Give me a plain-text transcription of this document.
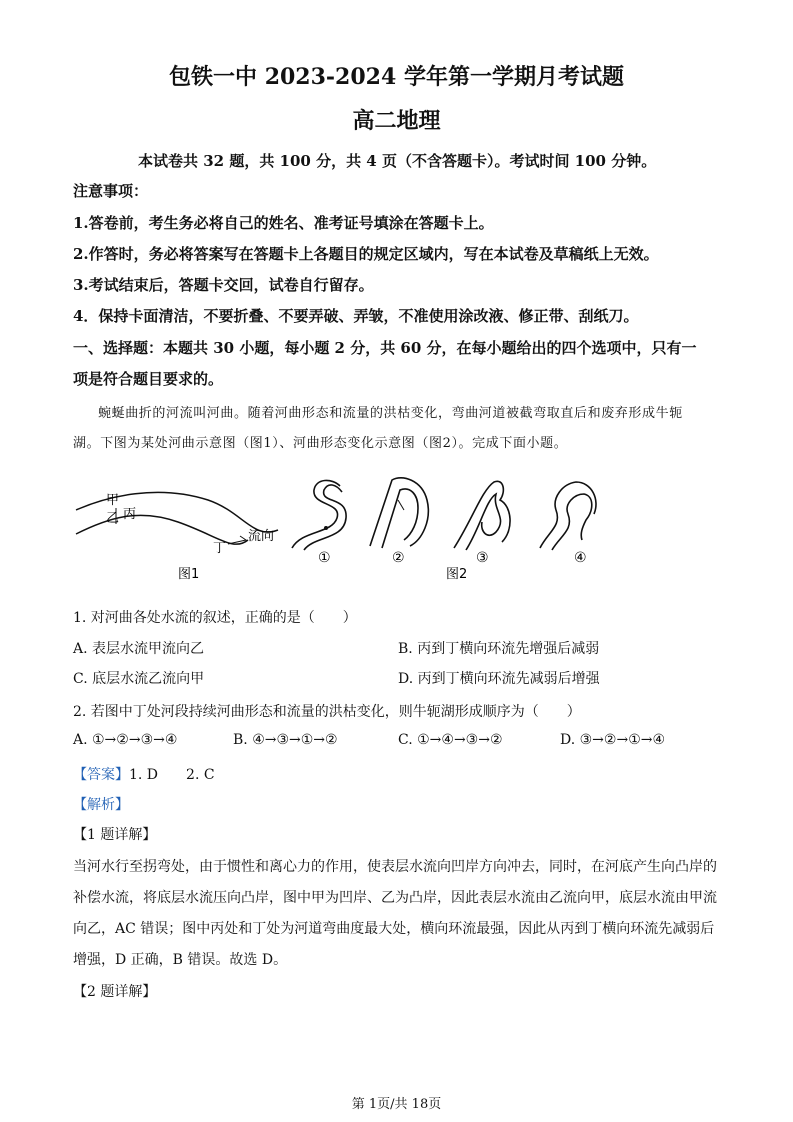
包铁一中 2023-2024 学年第一学期月考试题
高二地理
本试卷共 32 题，共 100 分，共 4 页（不含答题卡）。考试时间 100 分钟。
注意事项：
1.答卷前，考生务必将自己的姓名、准考证号填涂在答题卡上。
2.作答时，务必将答案写在答题卡上各题目的规定区域内，写在本试卷及草稿纸上无效。
3.考试结束后，答题卡交回，试卷自行留存。
4．保持卡面清洁，不要折叠、不要弄破、弄皱，不准使用涂改液、修正带、刮纸刀。
一、选择题：本题共 30 小题，每小题 2 分，共 60 分，在每小题给出的四个选项中，只有一
项是符合题目要求的。
蜿蜒曲折的河流叫河曲。随着河曲形态和流量的洪枯变化，弯曲河道被截弯取直后和废弃形成牛轭
湖。下图为某处河曲示意图（图1）、河曲形态变化示意图（图2）。完成下面小题。
甲
乙 丙
丁
流向
图1
①	②	③	④
图2
1. 对河曲各处水流的叙述，正确的是（　　）
A. 表层水流甲流向乙	B. 丙到丁横向环流先增强后减弱
C. 底层水流乙流向甲	D. 丙到丁横向环流先减弱后增强
2. 若图中丁处河段持续河曲形态和流量的洪枯变化，则牛轭湖形成顺序为（　　）
A. ①→②→③→④	B. ④→③→①→②	C. ①→④→③→②	D. ③→②→①→④
【答案】1. D　　2. C
【解析】
【1 题详解】
当河水行至拐弯处，由于惯性和离心力的作用，使表层水流向凹岸方向冲去，同时，在河底产生向凸岸的
补偿水流，将底层水流压向凸岸，图中甲为凹岸、乙为凸岸，因此表层水流由乙流向甲，底层水流由甲流
向乙，AC 错误；图中丙处和丁处为河道弯曲度最大处，横向环流最强，因此从丙到丁横向环流先减弱后
增强，D 正确，B 错误。故选 D。
【2 题详解】
第 1页/共 18页
